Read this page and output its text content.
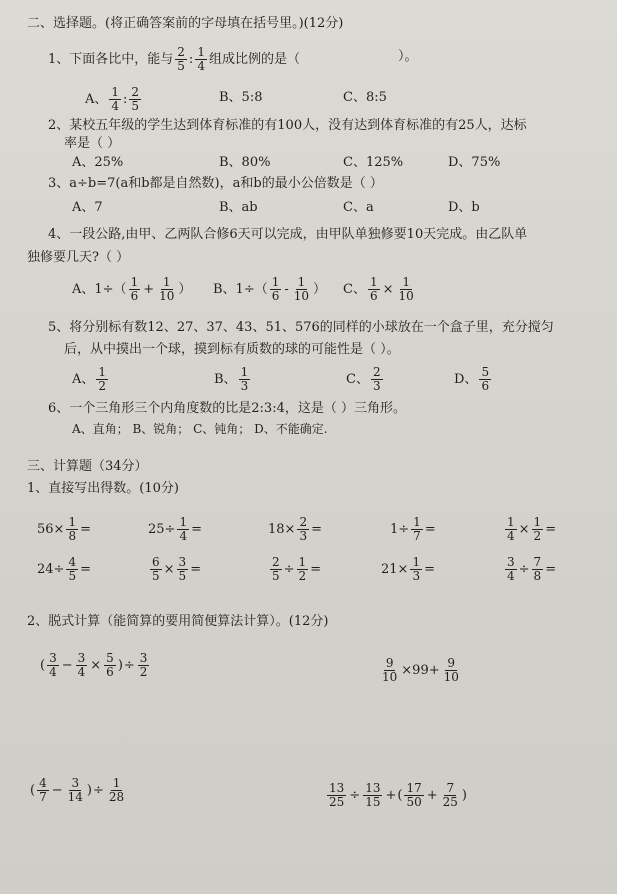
二、选择题。(将正确答案前的字母填在括号里。)(12分)
1、下面各比中，能与 $\frac{2}{5}$ : $\frac{1}{4}$ 组成比例的是（	）。
A、 $\frac{1}{4}$ : $\frac{2}{5}$	B、5:8	C、8:5
2、某校五年级的学生达到体育标准的有100人，没有达到体育标准的有25人，达标
率是（ ）
A、25%	B、80%	C、125%	D、75%
3、a÷b=7(a和b都是自然数)，a和b的最小公倍数是（ ）
A、7	B、ab	C、a	D、b
4、一段公路,由甲、乙两队合修6天可以完成，由甲队单独修要10天完成。由乙队单
独修要几天?（ ）
A、$1\div( \frac{1}{6} + \frac{1}{10}$ ） B、$1\div( \frac{1}{6} - \frac{1}{10}$ ） C、 $\frac{1}{6} \times \frac{1}{10}$
5、将分别标有数12、27、37、43、51、576的同样的小球放在一个盒子里，充分搅匀
后，从中摸出一个球，摸到标有质数的球的可能性是（ ）。
A、 $\frac{1}{2}$	B、 $\frac{1}{3}$	C、 $\frac{2}{3}$	D、 $\frac{5}{6}$
6、一个三角形三个内角度数的比是2:3:4，这是（ ）三角形。
A、直角； B、锐角； C、钝角； D、不能确定.
三、计算题（34分）
1、直接写出得数。(10分)
$56\times \frac{1}{8}$ =	$25\div \frac{1}{4}$ =	$18\times \frac{2}{3}$ =	$1\div \frac{1}{7}$ =	$\frac{1}{4} \times \frac{1}{2}$ =
$24\div \frac{4}{5}$ =	$\frac{6}{5} \times \frac{3}{5}$ =	$\frac{2}{5} \div \frac{1}{2}$ =	$21\times \frac{1}{3}$ =	$\frac{3}{4} \div \frac{7}{8}$ =
2、脱式计算（能简算的要用简便算法计算）。(12分)
( $\frac{3}{4} - \frac{3}{4} \times \frac{5}{6}$ )÷ $\frac{3}{2}$	$\frac{9}{10} \times 99+ \frac{9}{10}$
( $\frac{4}{7} - \frac{3}{14}$ )÷ $\frac{1}{28}$	$\frac{13}{25} \div \frac{13}{15}$ +( $\frac{17}{50} + \frac{7}{25}$ )
